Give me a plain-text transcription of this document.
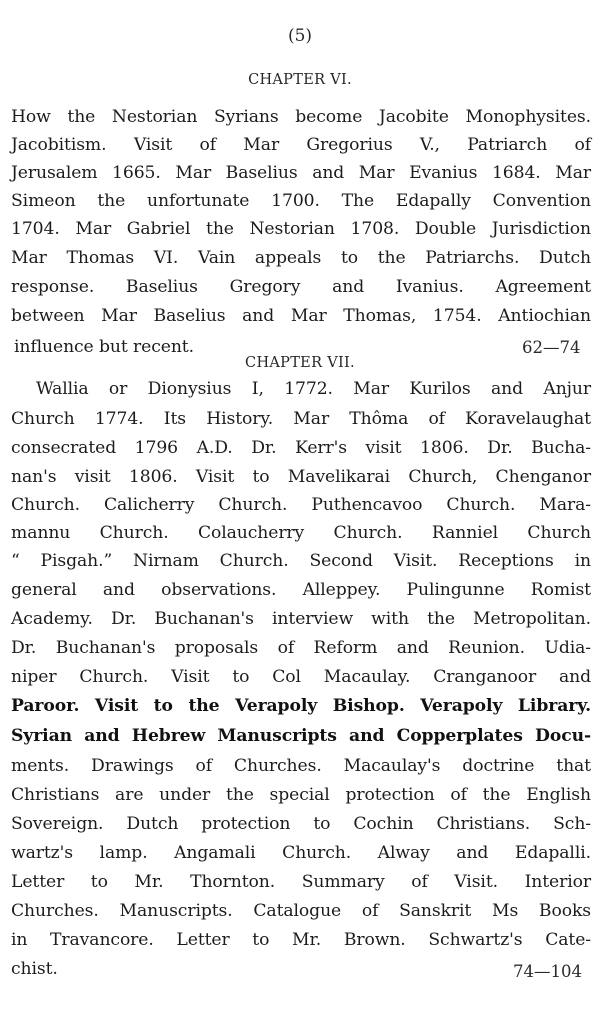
(5)
CHAPTER VI.
How the Nestorian Syrians become Jacobite Monophysites.
Jacobitism. Visit of Mar Gregorius V., Patriarch of
Jerusalem 1665. Mar Baselius and Mar Evanius 1684. Mar
Simeon the unfortunate 1700. The Edapally Convention
1704. Mar Gabriel the Nestorian 1708. Double Jurisdiction
Mar Thomas VI. Vain appeals to the Patriarchs. Dutch
response. Baselius Gregory and Ivanius. Agreement
between Mar Baselius and Mar Thomas, 1754. Antiochian
influence but recent.	62—74
CHAPTER VII.
Wallia or Dionysius I, 1772. Mar Kurilos and Anjur
Church 1774. Its History. Mar Thôma of Koravelaughat
consecrated 1796 A.D. Dr. Kerr's visit 1806. Dr. Bucha-
nan's visit 1806. Visit to Mavelikarai Church, Chenganor
Church. Calicherry Church. Puthencavoo Church. Mara-
mannu Church. Colaucherry Church. Ranniel Church
“ Pisgah.” Nirnam Church. Second Visit. Receptions in
general and observations. Alleppey. Pulingunne Romist
Academy. Dr. Buchanan's interview with the Metropolitan.
Dr. Buchanan's proposals of Reform and Reunion. Udia-
niper Church. Visit to Col Macaulay. Cranganoor and
Paroor. Visit to the Verapoly Bishop. Verapoly Library.
Syrian and Hebrew Manuscripts and Copperplates Docu-
ments. Drawings of Churches. Macaulay's doctrine that
Christians are under the special protection of the English
Sovereign. Dutch protection to Cochin Christians. Sch-
wartz's lamp. Angamali Church. Alway and Edapalli.
Letter to Mr. Thornton. Summary of Visit. Interior
Churches. Manuscripts. Catalogue of Sanskrit Ms Books
in Travancore. Letter to Mr. Brown. Schwartz's Cate-
chist.	74—104
